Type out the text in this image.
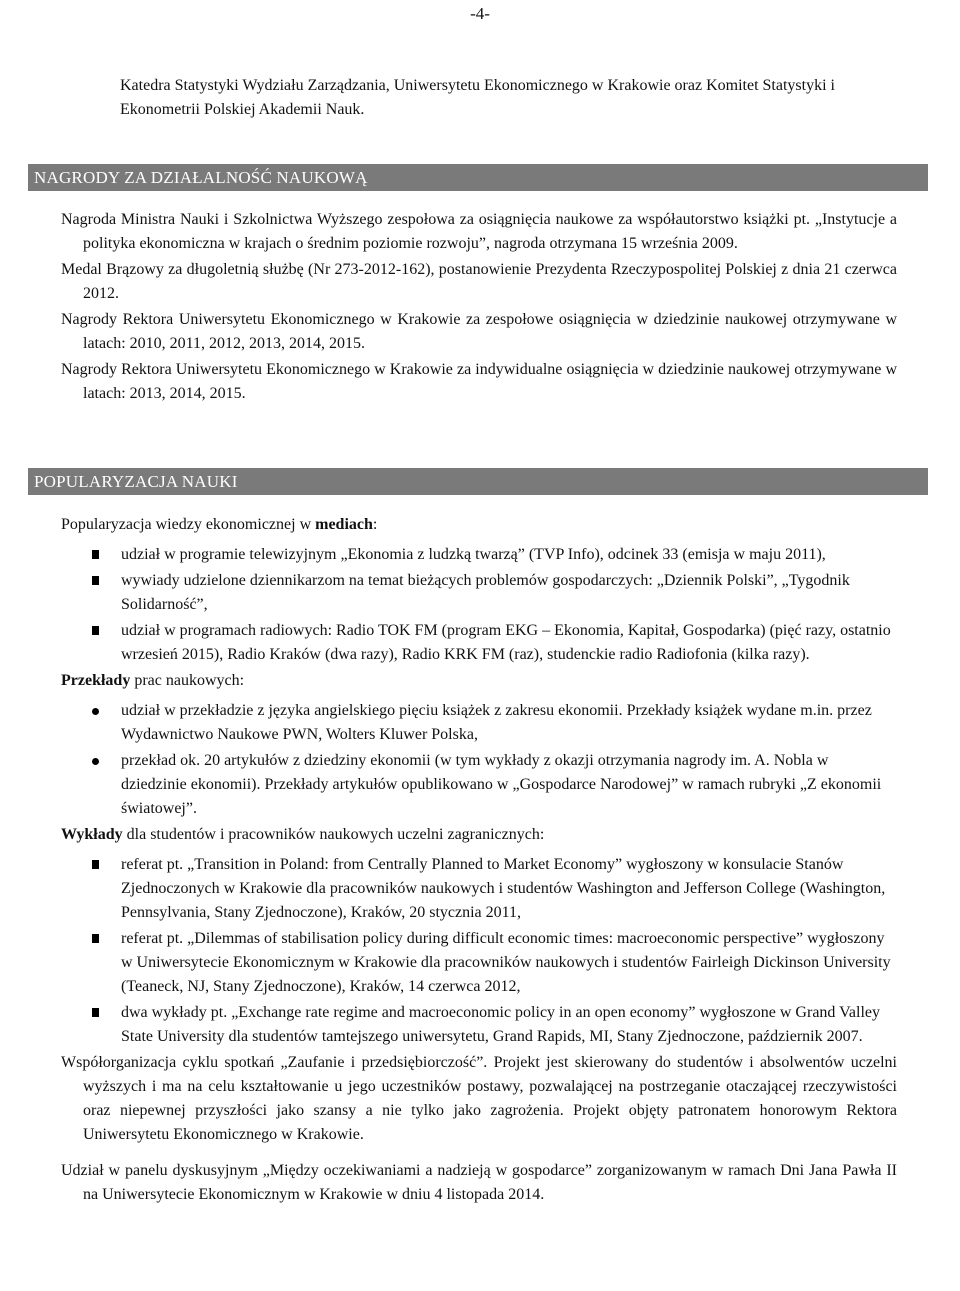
-4-

Katedra Statystyki Wydziału Zarządzania, Uniwersytetu Ekonomicznego w Krakowie oraz Komitet Statystyki i Ekonometrii Polskiej Akademii Nauk.

NAGRODY ZA DZIAŁALNOŚĆ NAUKOWĄ

Nagroda Ministra Nauki i Szkolnictwa Wyższego zespołowa za osiągnięcia naukowe za współautorstwo książki pt. „Instytucje a polityka ekonomiczna w krajach o średnim poziomie rozwoju”, nagroda otrzymana 15 września 2009.

Medal Brązowy za długoletnią służbę (Nr 273-2012-162), postanowienie Prezydenta Rzeczypospolitej Polskiej z dnia 21 czerwca 2012.

Nagrody Rektora Uniwersytetu Ekonomicznego w Krakowie za zespołowe osiągnięcia w dziedzinie naukowej otrzymywane w latach: 2010, 2011, 2012, 2013, 2014, 2015.

Nagrody Rektora Uniwersytetu Ekonomicznego w Krakowie za indywidualne osiągnięcia w dziedzinie naukowej otrzymywane w latach: 2013, 2014, 2015.

POPULARYZACJA NAUKI

Popularyzacja wiedzy ekonomicznej w mediach:

udział w programie telewizyjnym „Ekonomia z ludzką twarzą” (TVP Info), odcinek 33 (emisja w maju 2011),
wywiady udzielone dziennikarzom na temat bieżących problemów gospodarczych: „Dziennik Polski”, „Tygodnik Solidarność”,
udział w programach radiowych: Radio TOK FM (program EKG – Ekonomia, Kapitał, Gospodarka) (pięć razy, ostatnio wrzesień 2015), Radio Kraków (dwa razy), Radio KRK FM (raz), studenckie radio Radiofonia (kilka razy).

Przekłady prac naukowych:

udział w przekładzie z języka angielskiego pięciu książek z zakresu ekonomii. Przekłady książek wydane m.in. przez Wydawnictwo Naukowe PWN, Wolters Kluwer Polska,
przekład ok. 20 artykułów z dziedziny ekonomii (w tym wykłady z okazji otrzymania nagrody im. A. Nobla w dziedzinie ekonomii). Przekłady artykułów opublikowano w „Gospodarce Narodowej” w ramach rubryki „Z ekonomii światowej”.

Wykłady dla studentów i pracowników naukowych uczelni zagranicznych:

referat pt. „Transition in Poland: from Centrally Planned to Market Economy” wygłoszony w konsulacie Stanów Zjednoczonych w Krakowie dla pracowników naukowych i studentów Washington and Jefferson College (Washington, Pennsylvania, Stany Zjednoczone), Kraków, 20 stycznia 2011,
referat pt. „Dilemmas of stabilisation policy during difficult economic times: macroeconomic perspective” wygłoszony w Uniwersytecie Ekonomicznym w Krakowie dla pracowników naukowych i studentów Fairleigh Dickinson University (Teaneck, NJ, Stany Zjednoczone), Kraków, 14 czerwca 2012,
dwa wykłady pt. „Exchange rate regime and macroeconomic policy in an open economy” wygłoszone w Grand Valley State University dla studentów tamtejszego uniwersytetu, Grand Rapids, MI, Stany Zjednoczone, październik 2007.

Współorganizacja cyklu spotkań „Zaufanie i przedsiębiorczość”. Projekt jest skierowany do studentów i absolwentów uczelni wyższych i ma na celu kształtowanie u jego uczestników postawy, pozwalającej na postrzeganie otaczającej rzeczywistości oraz niepewnej przyszłości jako szansy a nie tylko jako zagrożenia. Projekt objęty patronatem honorowym Rektora Uniwersytetu Ekonomicznego w Krakowie.

Udział w panelu dyskusyjnym „Między oczekiwaniami a nadzieją w gospodarce” zorganizowanym w ramach Dni Jana Pawła II na Uniwersytecie Ekonomicznym w Krakowie w dniu 4 listopada 2014.
